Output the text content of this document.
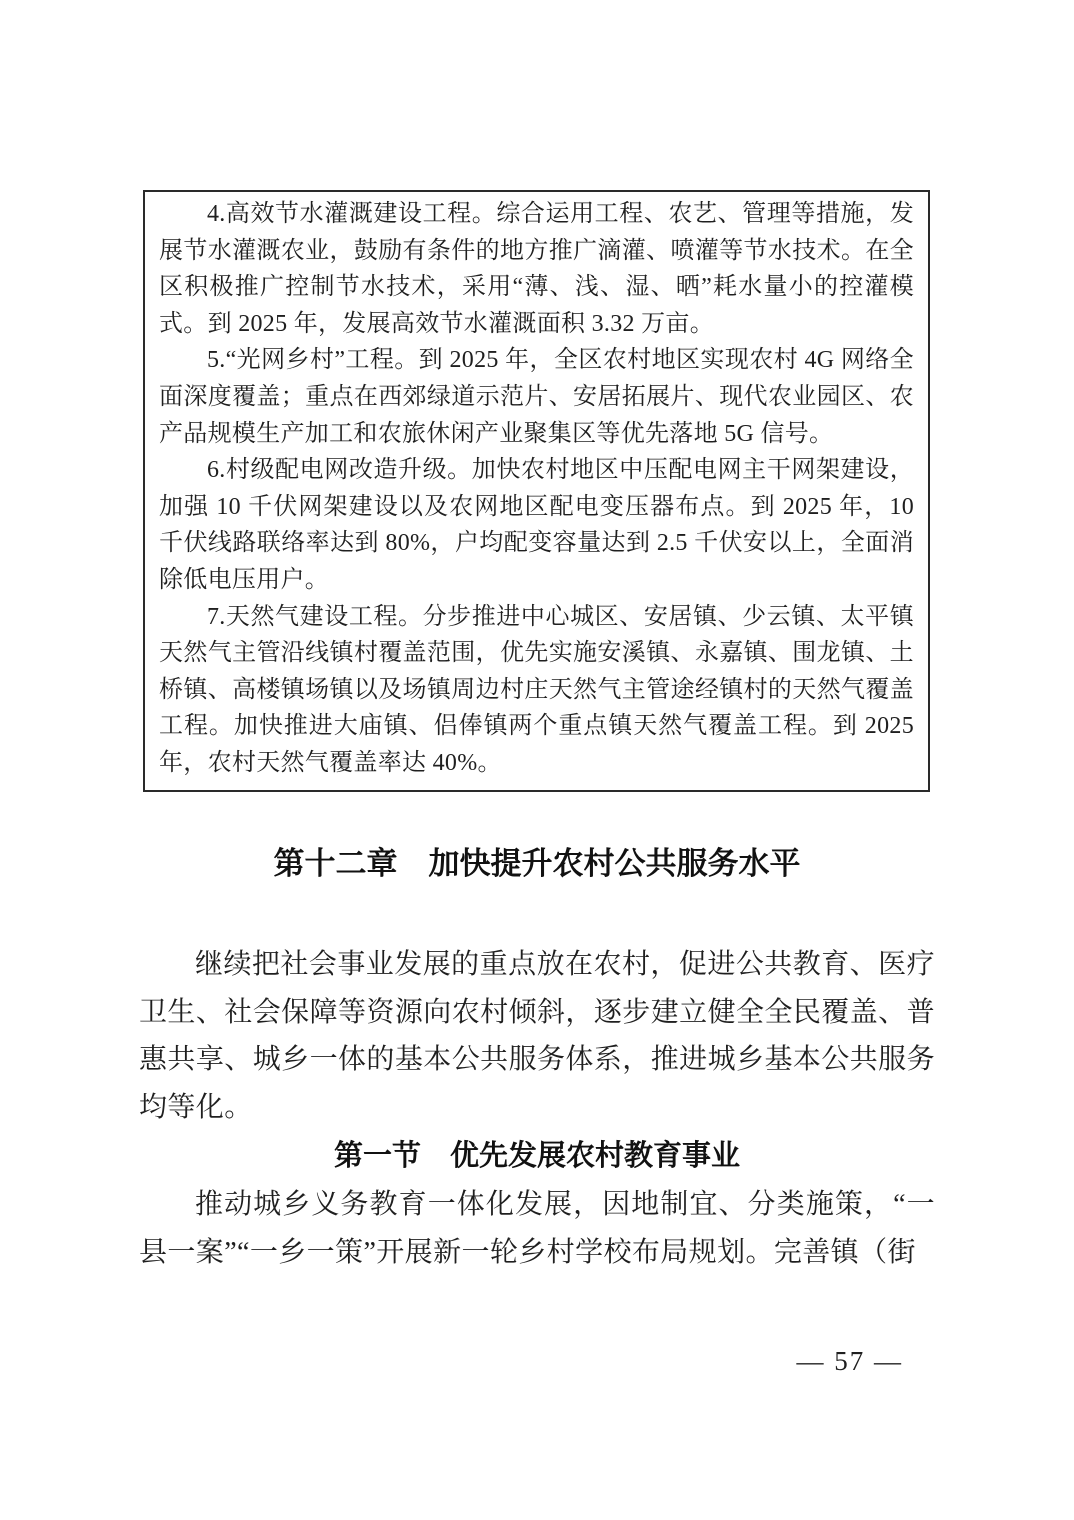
4.高效节水灌溉建设工程。综合运用工程、农艺、管理等措施，发展节水灌溉农业，鼓励有条件的地方推广滴灌、喷灌等节水技术。在全区积极推广控制节水技术，采用“薄、浅、湿、晒”耗水量小的控灌模式。到 2025 年，发展高效节水灌溉面积 3.32 万亩。

5.“光网乡村”工程。到 2025 年，全区农村地区实现农村 4G 网络全面深度覆盖；重点在西郊绿道示范片、安居拓展片、现代农业园区、农产品规模生产加工和农旅休闲产业聚集区等优先落地 5G 信号。

6.村级配电网改造升级。加快农村地区中压配电网主干网架建设，加强 10 千伏网架建设以及农网地区配电变压器布点。到 2025 年，10 千伏线路联络率达到 80%，户均配变容量达到 2.5 千伏安以上，全面消除低电压用户。

7.天然气建设工程。分步推进中心城区、安居镇、少云镇、太平镇天然气主管沿线镇村覆盖范围，优先实施安溪镇、永嘉镇、围龙镇、土桥镇、高楼镇场镇以及场镇周边村庄天然气主管途经镇村的天然气覆盖工程。加快推进大庙镇、侣俸镇两个重点镇天然气覆盖工程。到 2025 年，农村天然气覆盖率达 40%。

第十二章　加快提升农村公共服务水平

继续把社会事业发展的重点放在农村，促进公共教育、医疗卫生、社会保障等资源向农村倾斜，逐步建立健全全民覆盖、普惠共享、城乡一体的基本公共服务体系，推进城乡基本公共服务均等化。

第一节　优先发展农村教育事业

推动城乡义务教育一体化发展，因地制宜、分类施策，“一县一案”“一乡一策”开展新一轮乡村学校布局规划。完善镇（街

— 57 —
